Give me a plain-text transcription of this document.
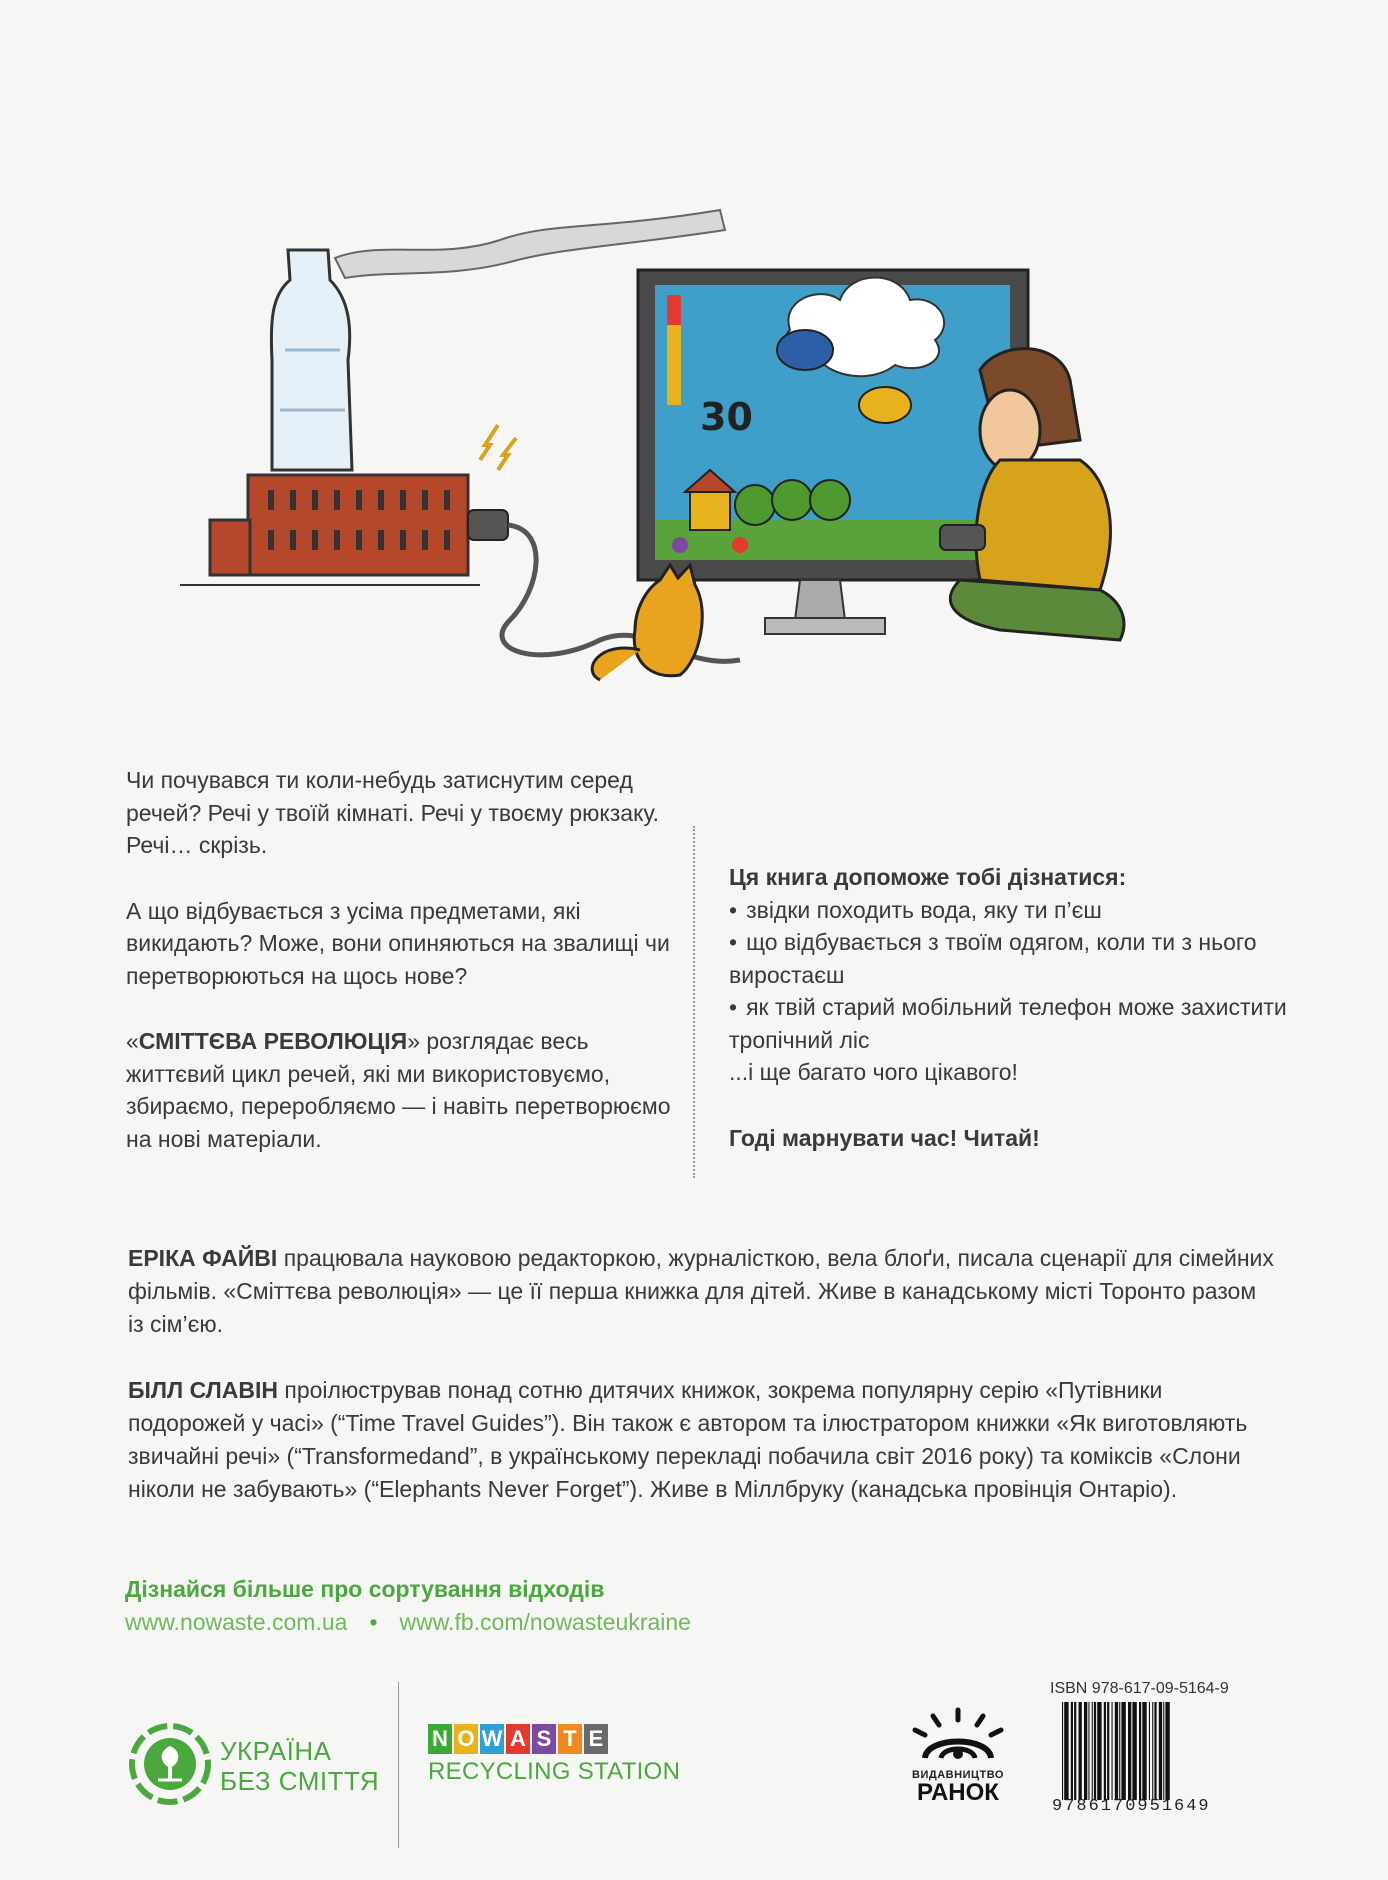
30

Чи почувався ти коли-небудь затиснутим серед речей? Речі у твоїй кімнаті. Речі у твоєму рюкзаку. Речі… скрізь.

А що відбувається з усіма предметами, які викидають? Може, вони опиняються на звалищі чи перетворюються на щось нове?

«СМІТТЄВА РЕВОЛЮЦІЯ» розглядає весь життєвий цикл речей, які ми використовуємо, збираємо, переробляємо — і навіть перетворюємо на нові матеріали.

Ця книга допоможе тобі дізнатися:

• звідки походить вода, яку ти п’єш
• що відбувається з твоїм одягом, коли ти з нього виростаєш
• як твій старий мобільний телефон може захистити тропічний ліс

...і ще багато чого цікавого!

Годі марнувати час! Читай!

ЕРІКА ФАЙВІ працювала науковою редакторкою, журналісткою, вела блоґи, писала сценарії для сімейних фільмів. «Сміттєва революція» — це її перша книжка для дітей. Живе в канадському місті Торонто разом із сім’єю.

БІЛЛ СЛАВІН проілюстрував понад сотню дитячих книжок, зокрема популярну серію «Путівники подорожей у часі» (“Time Travel Guides”). Він також є автором та ілюстратором книжки «Як виготовляють звичайні речі» (“Transformedand”, в українському перекладі побачила світ 2016 року) та коміксів «Слони ніколи не забувають» (“Elephants Never Forget”). Живе в Міллбруку (канадська провінція Онтаріо).

Дізнайся більше про сортування відходів
www.nowaste.com.ua • www.fb.com/nowasteukraine
УКРАЇНА
БЕЗ СМІТТЯ
N O W A S T E
RECYCLING STATION	ВИДАВНИЦТВО
РАНОК
ISBN 978-617-09-5164-9
9786170951649
